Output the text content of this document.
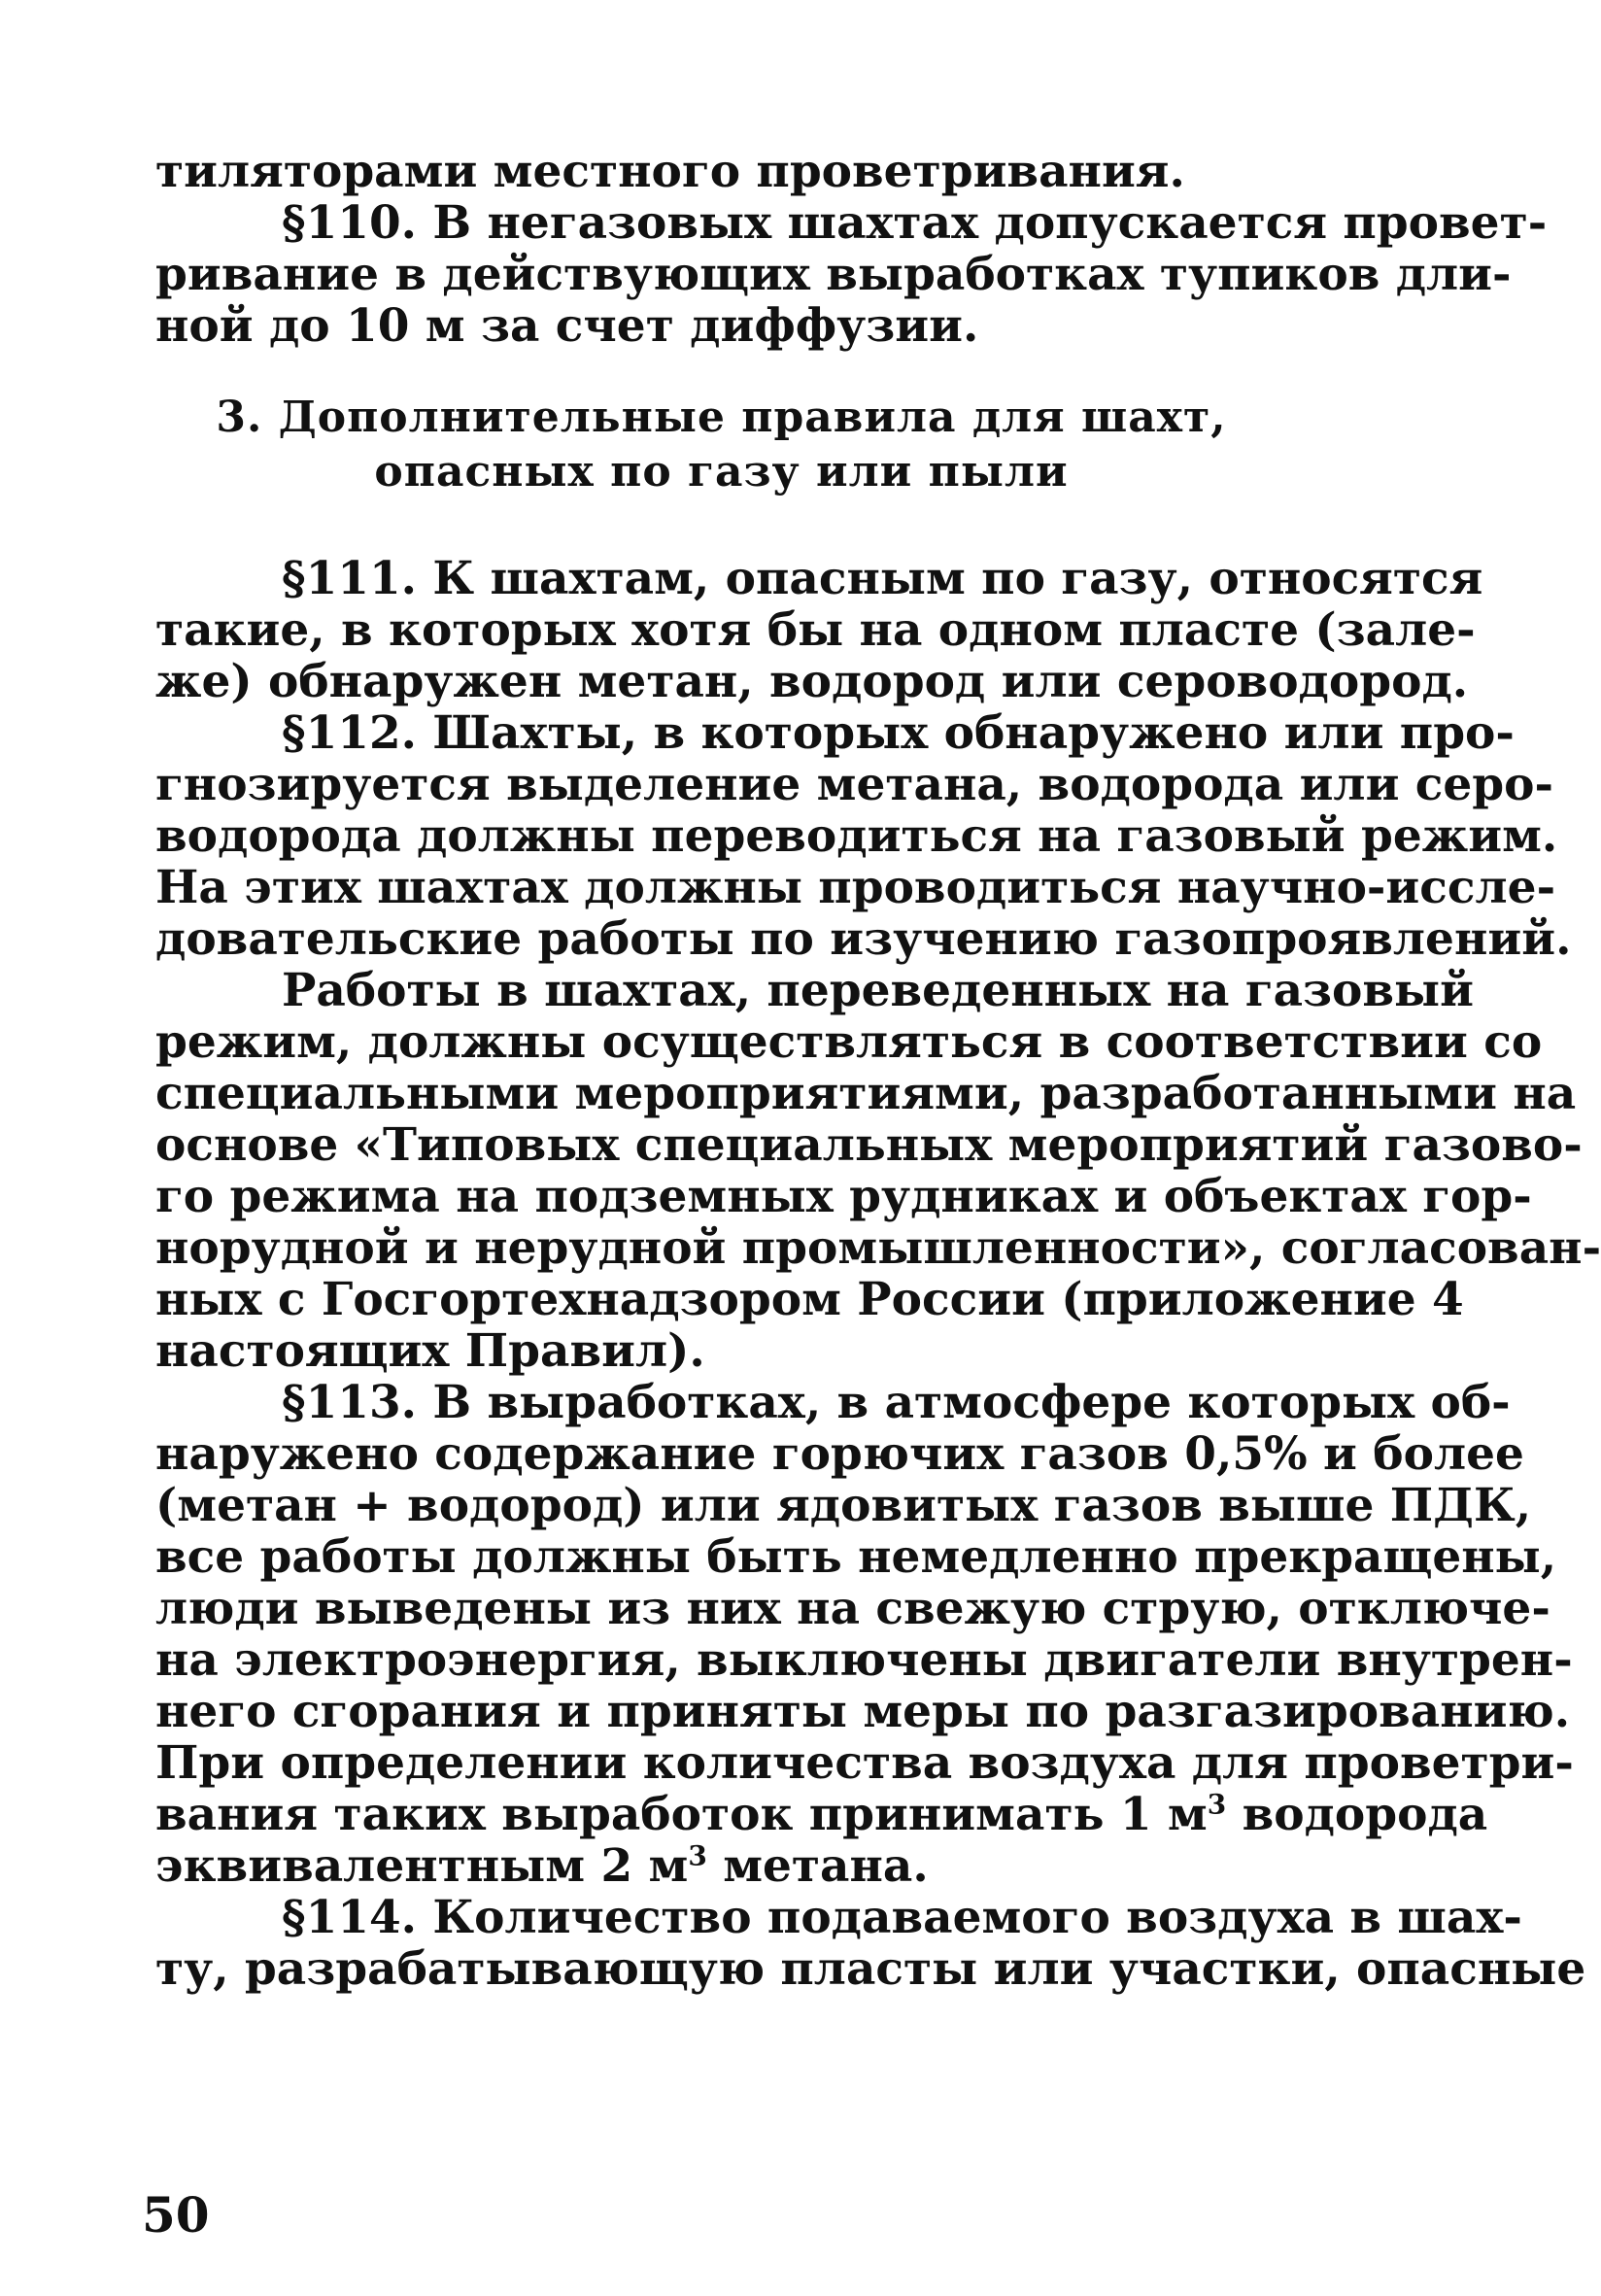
тиляторами местного проветривания.
§110. В негазовых шахтах допускается провет-
ривание в действующих выработках тупиков дли-
ной до 10 м за счет диффузии.
3. Дополнительные правила для шахт,
опасных по газу или пыли
§111. К шахтам, опасным по газу, относятся
такие, в которых хотя бы на одном пласте (зале-
же) обнаружен метан, водород или сероводород.
§112. Шахты, в которых обнаружено или про-
гнозируется выделение метана, водорода или серо-
водорода должны переводиться на газовый режим.
На этих шахтах должны проводиться научно-иссле-
довательские работы по изучению газопроявлений.
Работы в шахтах, переведенных на газовый
режим, должны осуществляться в соответствии со
специальными мероприятиями, разработанными на
основе «Типовых специальных мероприятий газово-
го режима на подземных рудниках и объектах гор-
норудной и нерудной промышленности», согласован-
ных с Госгортехнадзором России (приложение 4
настоящих Правил).
§113. В выработках, в атмосфере которых об-
наружено содержание горючих газов 0,5% и более
(метан + водород) или ядовитых газов выше ПДК,
все работы должны быть немедленно прекращены,
люди выведены из них на свежую струю, отключе-
на электроэнергия, выключены двигатели внутрен-
него сгорания и приняты меры по разгазированию.
При определении количества воздуха для проветри-
вания таких выработок принимать 1 $м^3$ водорода
эквивалентным 2 $м^3$ метана.
§114. Количество подаваемого воздуха в шах-
ту, разрабатывающую пласты или участки, опасные
50
